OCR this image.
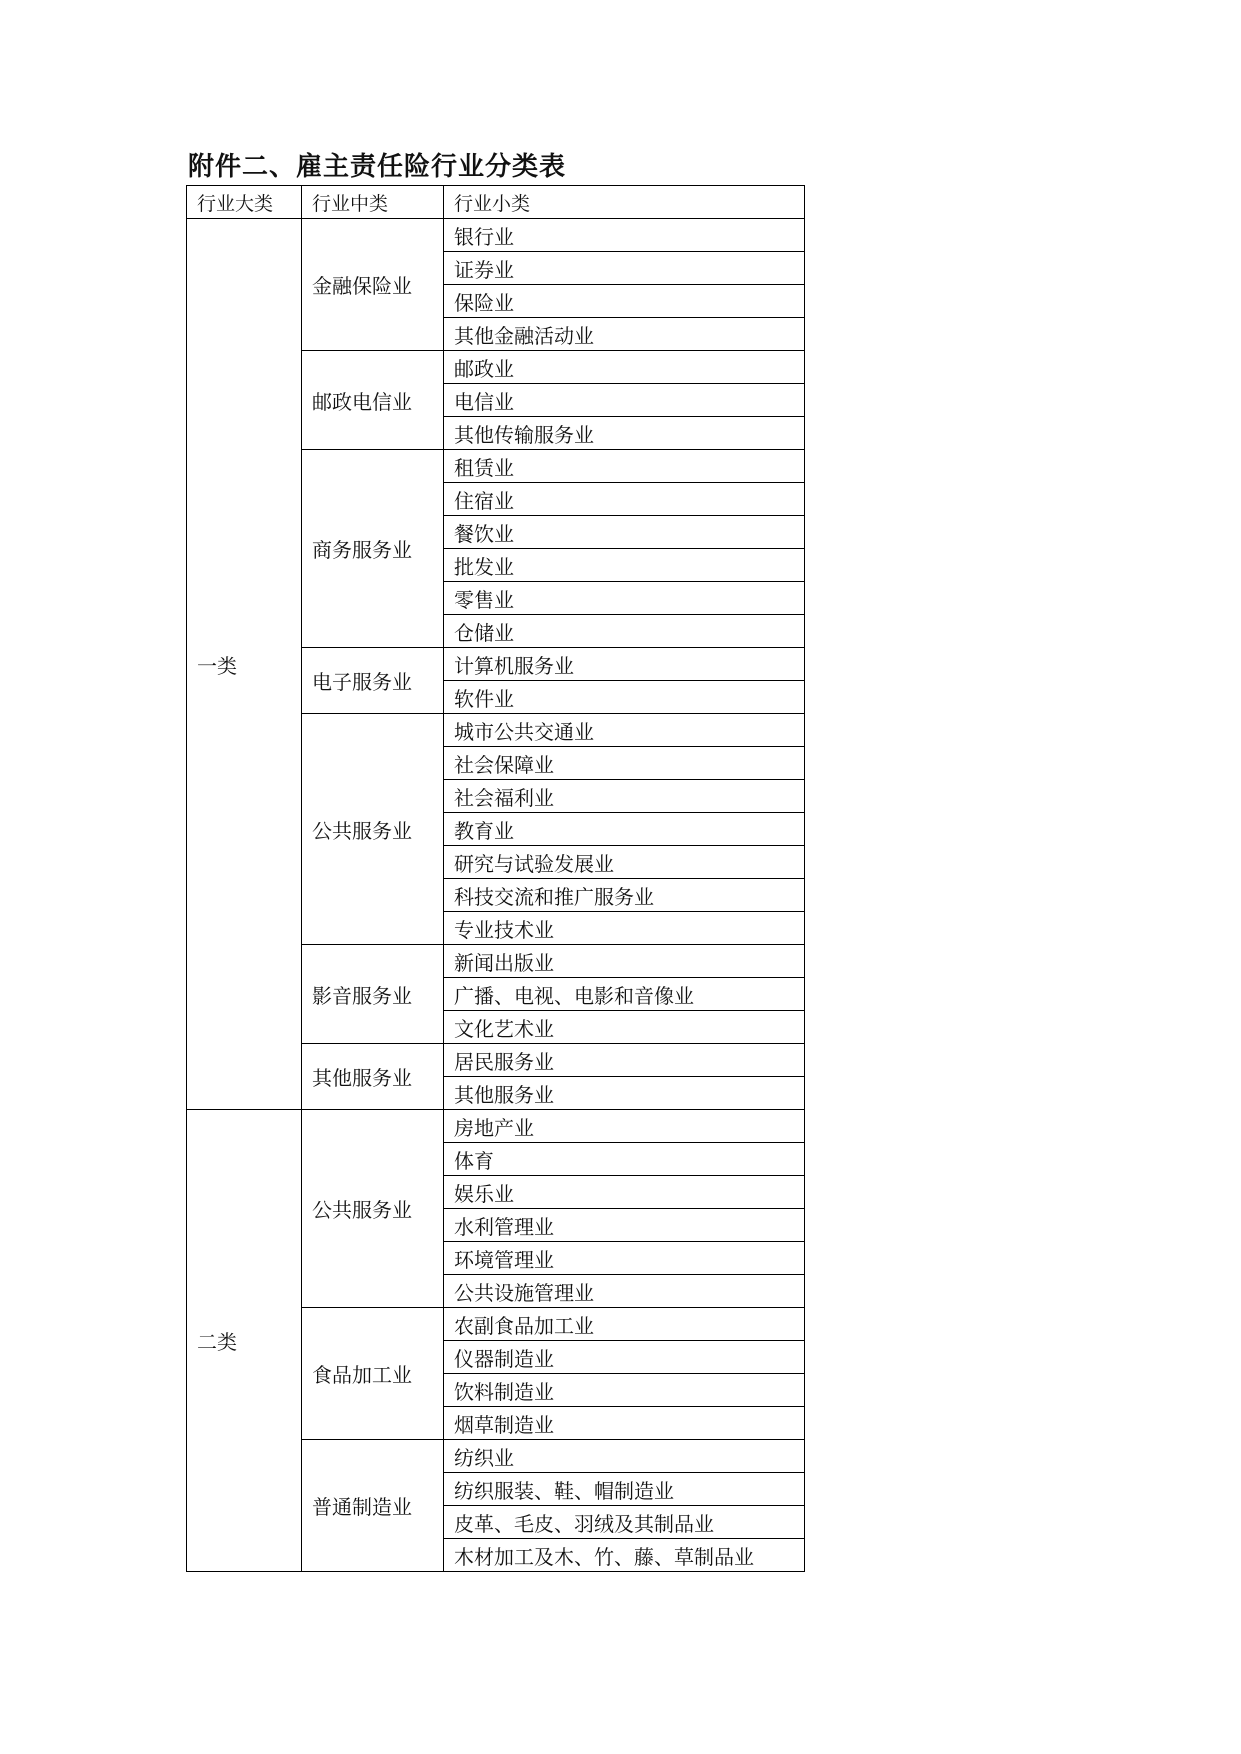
附件二、雇主责任险行业分类表
行业大类	行业中类	行业小类
一类	金融保险业	银行业
		证券业
		保险业
		其他金融活动业
	邮政电信业	邮政业
		电信业
		其他传输服务业
	商务服务业	租赁业
		住宿业
		餐饮业
		批发业
		零售业
		仓储业
	电子服务业	计算机服务业
		软件业
	公共服务业	城市公共交通业
		社会保障业
		社会福利业
		教育业
		研究与试验发展业
		科技交流和推广服务业
		专业技术业
	影音服务业	新闻出版业
		广播、电视、电影和音像业
		文化艺术业
	其他服务业	居民服务业
		其他服务业
二类	公共服务业	房地产业
		体育
		娱乐业
		水利管理业
		环境管理业
		公共设施管理业
	食品加工业	农副食品加工业
		仪器制造业
		饮料制造业
		烟草制造业
	普通制造业	纺织业
		纺织服装、鞋、帽制造业
		皮革、毛皮、羽绒及其制品业
		木材加工及木、竹、藤、草制品业
